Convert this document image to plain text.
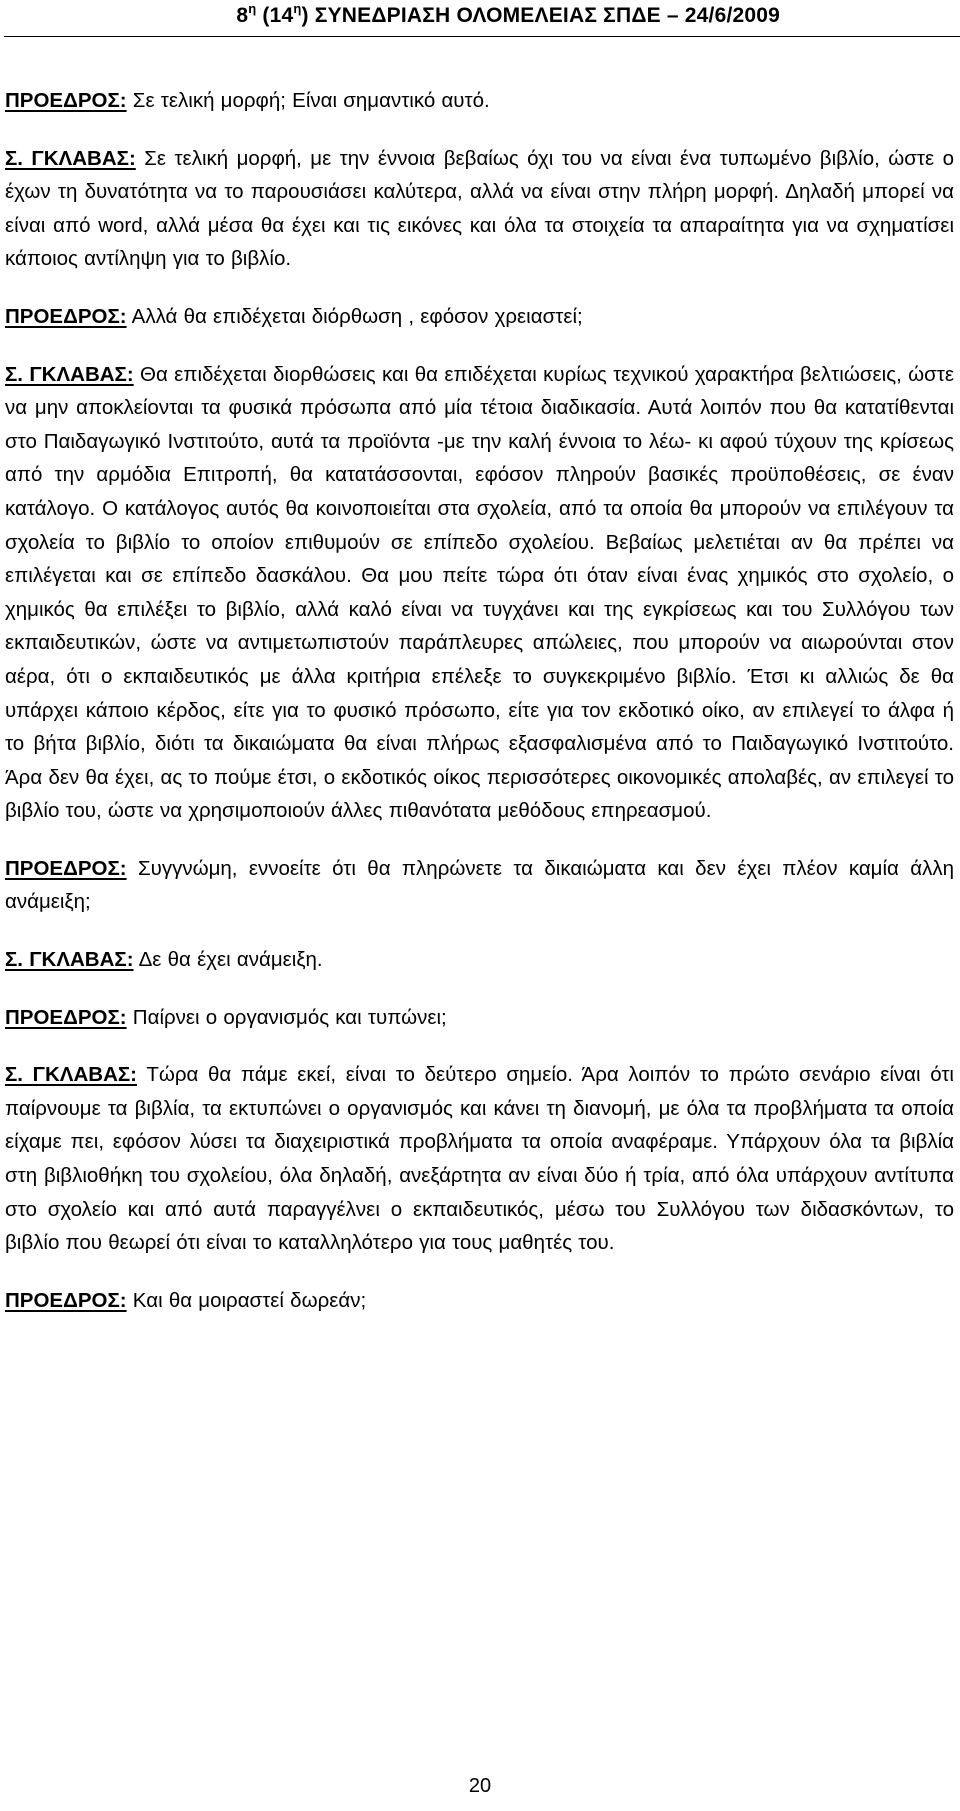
$8^\eta$ $(14^\eta)$ ΣΥΝΕΔΡΙΑΣΗ ΟΛΟΜΕΛΕΙΑΣ ΣΠΔΕ – 24/6/2009

ΠΡΟΕΔΡΟΣ: Σε τελική μορφή; Είναι σημαντικό αυτό.

Σ. ΓΚΛΑΒΑΣ: Σε τελική μορφή, με την έννοια βεβαίως όχι του να είναι ένα τυπωμένο βιβλίο, ώστε ο έχων τη δυνατότητα να το παρουσιάσει καλύτερα, αλλά να είναι στην πλήρη μορφή. Δηλαδή μπορεί να είναι από word, αλλά μέσα θα έχει και τις εικόνες και όλα τα στοιχεία τα απαραίτητα για να σχηματίσει κάποιος αντίληψη για το βιβλίο.

ΠΡΟΕΔΡΟΣ: Αλλά θα επιδέχεται διόρθωση , εφόσον χρειαστεί;

Σ. ΓΚΛΑΒΑΣ: Θα επιδέχεται διορθώσεις και θα επιδέχεται κυρίως τεχνικού χαρακτήρα βελτιώσεις, ώστε να μην αποκλείονται τα φυσικά πρόσωπα από μία τέτοια διαδικασία. Αυτά λοιπόν που θα κατατίθενται στο Παιδαγωγικό Ινστιτούτο, αυτά τα προϊόντα -με την καλή έννοια το λέω- κι αφού τύχουν της κρίσεως από την αρμόδια Επιτροπή, θα κατατάσσονται, εφόσον πληρούν βασικές προϋποθέσεις, σε έναν κατάλογο. Ο κατάλογος αυτός θα κοινοποιείται στα σχολεία, από τα οποία θα μπορούν να επιλέγουν τα σχολεία το βιβλίο το οποίον επιθυμούν σε επίπεδο σχολείου. Βεβαίως μελετιέται αν θα πρέπει να επιλέγεται και σε επίπεδο δασκάλου. Θα μου πείτε τώρα ότι όταν είναι ένας χημικός στο σχολείο, ο χημικός θα επιλέξει το βιβλίο, αλλά καλό είναι να τυγχάνει και της εγκρίσεως και του Συλλόγου των εκπαιδευτικών, ώστε να αντιμετωπιστούν παράπλευρες απώλειες, που μπορούν να αιωρούνται στον αέρα, ότι ο εκπαιδευτικός με άλλα κριτήρια επέλεξε το συγκεκριμένο βιβλίο. Έτσι κι αλλιώς δε θα υπάρχει κάποιο κέρδος, είτε για το φυσικό πρόσωπο, είτε για τον εκδοτικό οίκο, αν επιλεγεί το άλφα ή το βήτα βιβλίο, διότι τα δικαιώματα θα είναι πλήρως εξασφαλισμένα από το Παιδαγωγικό Ινστιτούτο. Άρα δεν θα έχει, ας το πούμε έτσι, ο εκδοτικός οίκος περισσότερες οικονομικές απολαβές, αν επιλεγεί το βιβλίο του, ώστε να χρησιμοποιούν άλλες πιθανότατα μεθόδους επηρεασμού.

ΠΡΟΕΔΡΟΣ: Συγγνώμη, εννοείτε ότι θα πληρώνετε τα δικαιώματα και δεν έχει πλέον καμία άλλη ανάμειξη;

Σ. ΓΚΛΑΒΑΣ: Δε θα έχει ανάμειξη.

ΠΡΟΕΔΡΟΣ: Παίρνει ο οργανισμός και τυπώνει;

Σ. ΓΚΛΑΒΑΣ: Τώρα θα πάμε εκεί, είναι το δεύτερο σημείο. Άρα λοιπόν το πρώτο σενάριο είναι ότι παίρνουμε τα βιβλία, τα εκτυπώνει ο οργανισμός και κάνει τη διανομή, με όλα τα προβλήματα τα οποία είχαμε πει, εφόσον λύσει τα διαχειριστικά προβλήματα τα οποία αναφέραμε. Υπάρχουν όλα τα βιβλία στη βιβλιοθήκη του σχολείου, όλα δηλαδή, ανεξάρτητα αν είναι δύο ή τρία, από όλα υπάρχουν αντίτυπα στο σχολείο και από αυτά παραγγέλνει ο εκπαιδευτικός, μέσω του Συλλόγου των διδασκόντων, το βιβλίο που θεωρεί ότι είναι το καταλληλότερο για τους μαθητές του.

ΠΡΟΕΔΡΟΣ: Και θα μοιραστεί δωρεάν;

20
